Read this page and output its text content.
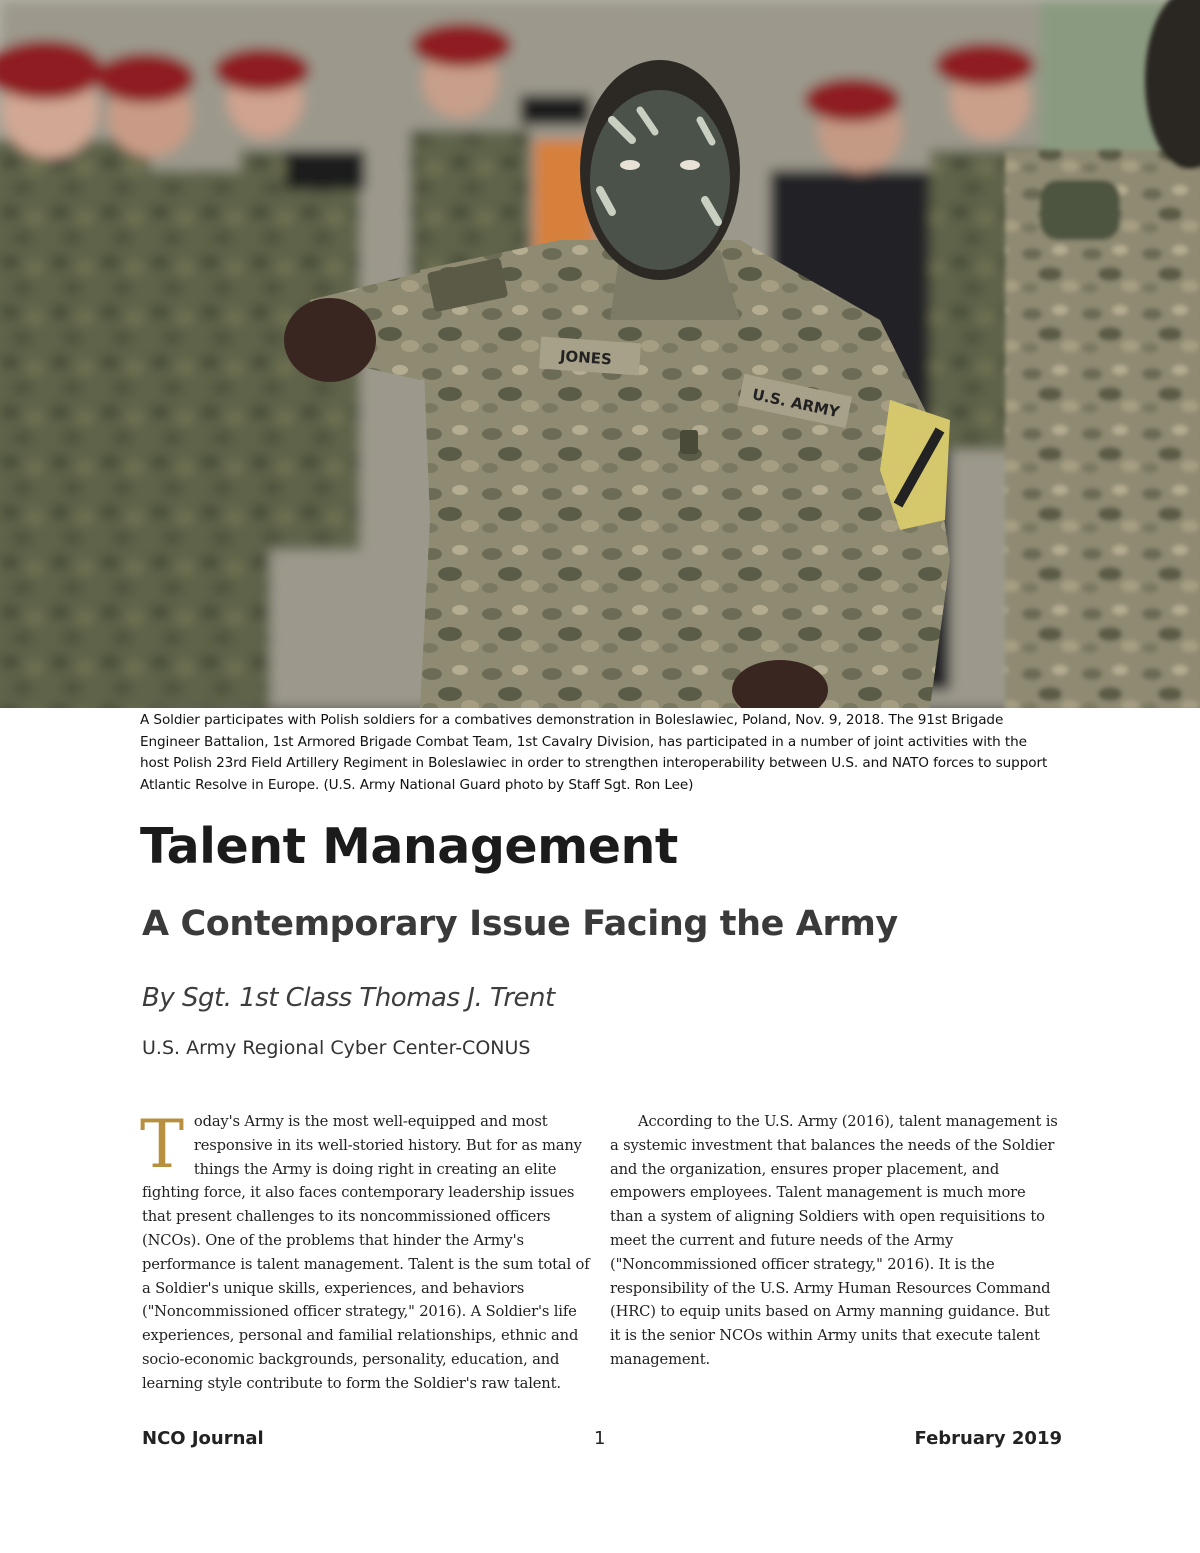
JONES
U.S. ARMY
A Soldier participates with Polish soldiers for a combatives demonstration in Boleslawiec, Poland, Nov. 9, 2018. The 91st Brigade Engineer Battalion, 1st Armored Brigade Combat Team, 1st Cavalry Division, has participated in a number of joint activities with the host Polish 23rd Field Artillery Regiment in Boleslawiec in order to strengthen interoperability between U.S. and NATO forces to support Atlantic Resolve in Europe. (U.S. Army National Guard photo by Staff Sgt. Ron Lee)
Talent Management
A Contemporary Issue Facing the Army
By Sgt. 1st Class Thomas J. Trent
U.S. Army Regional Cyber Center-CONUS

Today's Army is the most well-equipped and most responsive in its well-storied history. But for as many things the Army is doing right in creating an elite fighting force, it also faces contemporary leadership issues that present challenges to its noncommissioned officers (NCOs). One of the problems that hinder the Army's performance is talent management. Talent is the sum total of a Soldier's unique skills, experiences, and behaviors ("Noncommissioned officer strategy," 2016). A Soldier's life experiences, personal and familial relationships, ethnic and socio-economic backgrounds, personality, education, and learning style contribute to form the Soldier's raw talent.

According to the U.S. Army (2016), talent management is a systemic investment that balances the needs of the Soldier and the organization, ensures proper placement, and empowers employees. Talent management is much more than a system of aligning Soldiers with open requisitions to meet the current and future needs of the Army ("Noncommissioned officer strategy," 2016). It is the responsibility of the U.S. Army Human Resources Command (HRC) to equip units based on Army manning guidance. But it is the senior NCOs within Army units that execute talent management.

NCO Journal	1	February 2019
